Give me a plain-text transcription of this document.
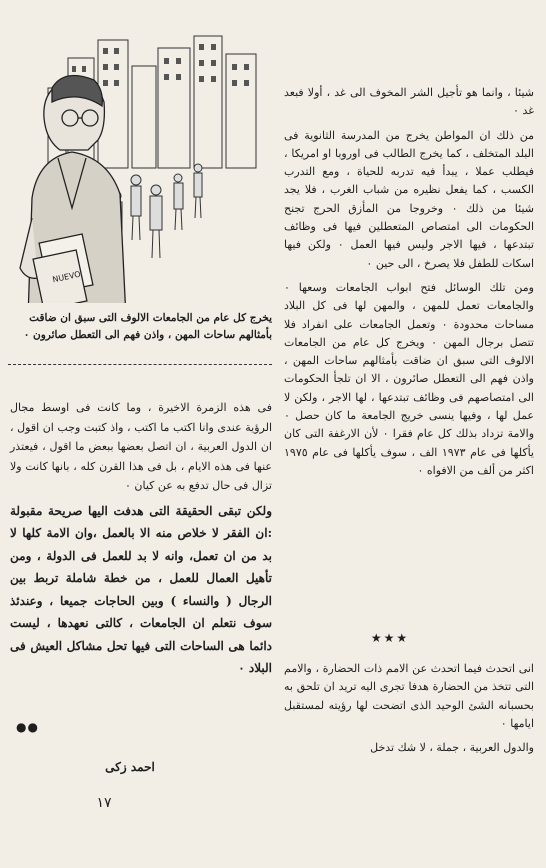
NUEVO
يخرج كل عام من الجامعات الالوف التى سبق ان ضاقت بأمثالهم ساحات المهن ، واذن فهم الى التعطل صائرون ٠

شيئا ، وانما هو تأجيل الشر المخوف الى غد ، أولا فبعد غد ٠

من ذلك ان المواطن يخرج من المدرسة الثانوية فى البلد المتخلف ، كما يخرج الطالب فى اوروبا او امريكا ، فيطلب عملا ، يبدأ فيه تدربه للحياة ، ومع التدرب الكسب ، كما يفعل نظيره من شباب الغرب ، فلا يجد شيئا من ذلك ٠ وخروجا من المأزق الحرج تجنح الحكومات الى امتصاص المتعطلين فيها فى وظائف تبتدعها ، فيها الاجر وليس فيها العمل ٠ ولكن فيها اسكات للطفل فلا يصرخ ، الى حين ٠

ومن تلك الوسائل فتح ابواب الجامعات وسعها ٠ والجامعات تعمل للمهن ، والمهن لها فى كل البلاد مساحات محدودة ٠ وتعمل الجامعات على انفراد فلا تتصل برجال المهن ٠ ويخرج كل عام من الجامعات الالوف التى سبق ان ضاقت بأمثالهم ساحات المهن ، واذن فهم الى التعطل صائرون ، الا ان تلجأ الحكومات الى امتصاصهم فى وظائف تبتدعها ، لها الاجر ، ولكن لا عمل لها ، وفيها ينسى خريج الجامعة ما كان حصل ٠ والامة تزداد بذلك كل عام فقرا ٠ لأن الارغفة التى كان يأكلها فى عام ١٩٧٣ الف ، سوف يأكلها فى عام ١٩٧٥ اكثر من ألف من الافواه ٠

★★★

انى اتحدث فيما اتحدث عن الامم ذات الحضارة ، والامم التى تتخذ من الحضارة هدفا تجرى اليه تريد ان تلحق به بحسبانه الشئ الوحيد الذى اتضحت لها رؤيته لمستقبل ايامها ٠

والدول العربية ، جملة ، لا شك تدخل

فى هذه الزمرة الاخيرة ، وما كانت فى اوسط مجال الرؤية عندى وانا اكتب ما اكتب ، واذ كتبت وجب ان اقول ، ان الدول العربية ، ان اتصل بعضها ببعض ما اقول ، فيعتذر عنها فى هذه الايام ، بل فى هذا القرن كله ، بانها كانت ولا تزال فى حال تدفع به عن كيان ٠

ولكن تبقى الحقيقة التى هدفت اليها صريحة مقبولة :ان الفقر لا خلاص منه الا بالعمل ،وان الامة كلها لا بد من ان تعمل، وانه لا بد للعمل فى الدولة ، ومن تأهيل العمال للعمل ، من خطة شاملة تربط بين الرجال ( والنساء ) وبين الحاجات جميعا ، وعندئذ سوف نتعلم ان الجامعات ، كالتى نعهدها ، ليست دائما هى الساحات التى فيها تحل مشاكل العيش فى البلاد ٠

●●
احمد زكى
١٧
